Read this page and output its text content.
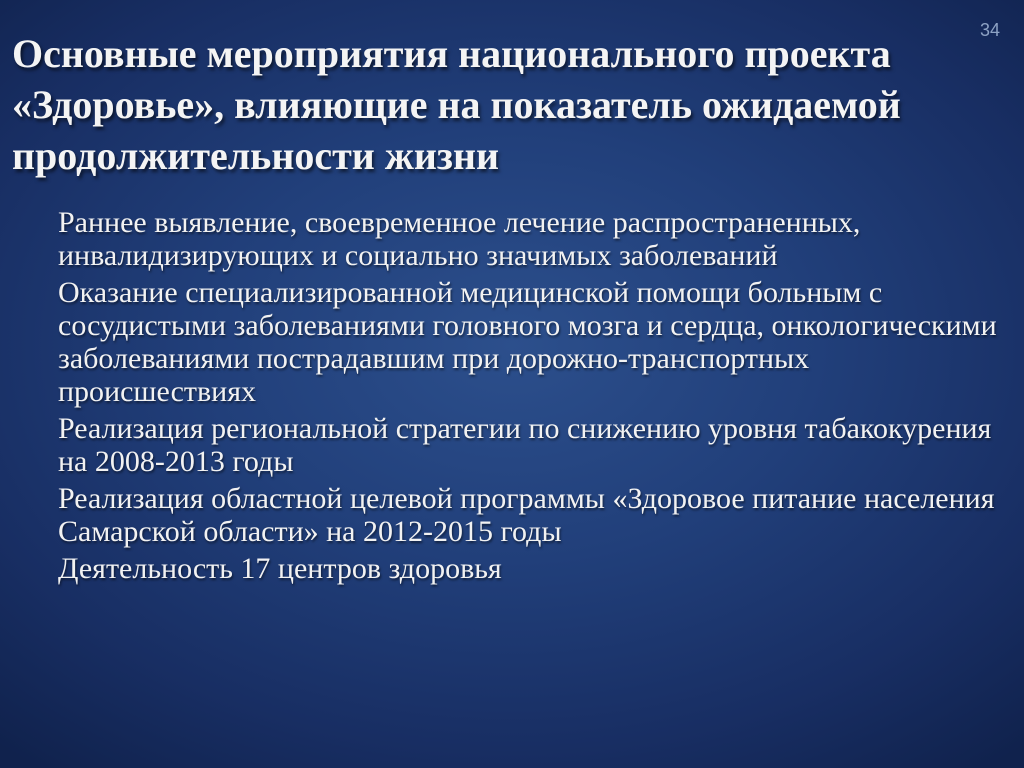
34
Основные мероприятия национального проекта «Здоровье», влияющие на показатель ожидаемой продолжительности жизни
Раннее выявление, своевременное лечение распространенных, инвалидизирующих и социально значимых заболеваний
Оказание специализированной медицинской помощи больным с сосудистыми заболеваниями головного мозга и сердца, онкологическими заболеваниями пострадавшим при дорожно-транспортных происшествиях
Реализация региональной стратегии по снижению уровня табакокурения на 2008-2013 годы
Реализация областной целевой программы «Здоровое питание населения Самарской области» на 2012-2015 годы
Деятельность 17 центров здоровья
